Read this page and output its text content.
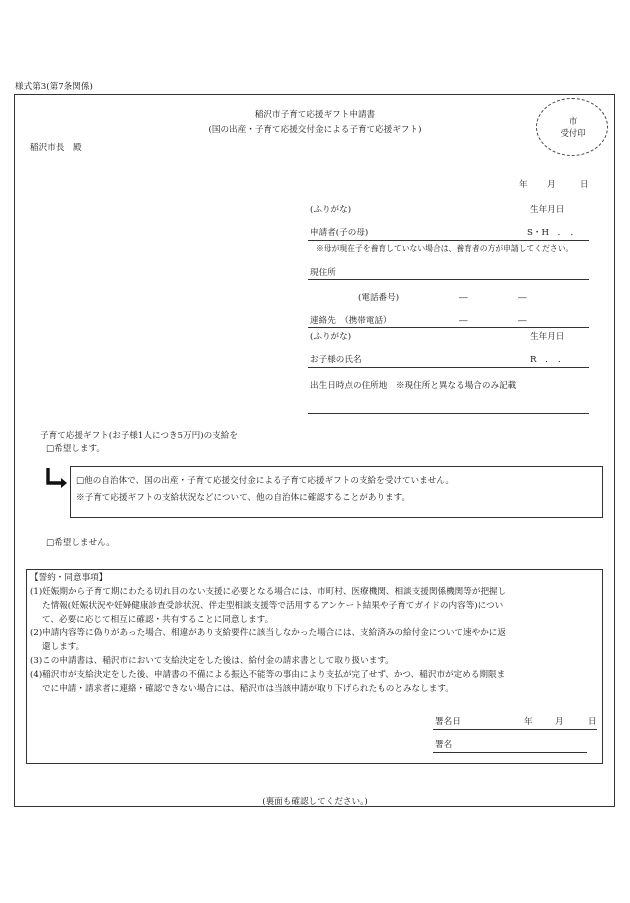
様式第3(第7条関係)
市
受付印
稲沢市子育て応援ギフト申請書
(国の出産・子育て応援交付金による子育て応援ギフト)
稲沢市長　殿
年 月	日
(ふりがな)	生年月日
申請者(子の母)	S・H　．　．
※母が現在子を養育していない場合は、養育者の方が申請してください。
現住所
(電話番号)	―	―
連絡先　（携帯電話）	―	―
(ふりがな)	生年月日
お子様の氏名	R　．　．
出生日時点の住所地　※現住所と異なる場合のみ記載
子育て応援ギフト(お子様1人につき5万円)の支給を
□希望します。
□他の自治体で、国の出産・子育て応援交付金による子育て応援ギフトの支給を受けていません。
※子育て応援ギフトの支給状況などについて、他の自治体に確認することがあります。
□希望しません。
【誓約・同意事項】
(1)妊娠期から子育て期にわたる切れ目のない支援に必要となる場合には、市町村、医療機関、相談支援関係機関等が把握し
た情報(妊娠状況や妊婦健康診査受診状況、伴走型相談支援等で活用するアンケート結果や子育てガイドの内容等)につい
て、必要に応じて相互に確認・共有することに同意します。
(2)申請内容等に偽りがあった場合、相違があり支給要件に該当しなかった場合には、支給済みの給付金について速やかに返
還します。
(3)この申請書は、稲沢市において支給決定をした後は、給付金の請求書として取り扱います。
(4)稲沢市が支給決定をした後、申請書の不備による振込不能等の事由により支払が完了せず、かつ、稲沢市が定める期限ま
でに申請・請求者に連絡・確認できない場合には、稲沢市は当該申請が取り下げられたものとみなします。
署名日	年	月	日
署名
(裏面も確認してください。)
